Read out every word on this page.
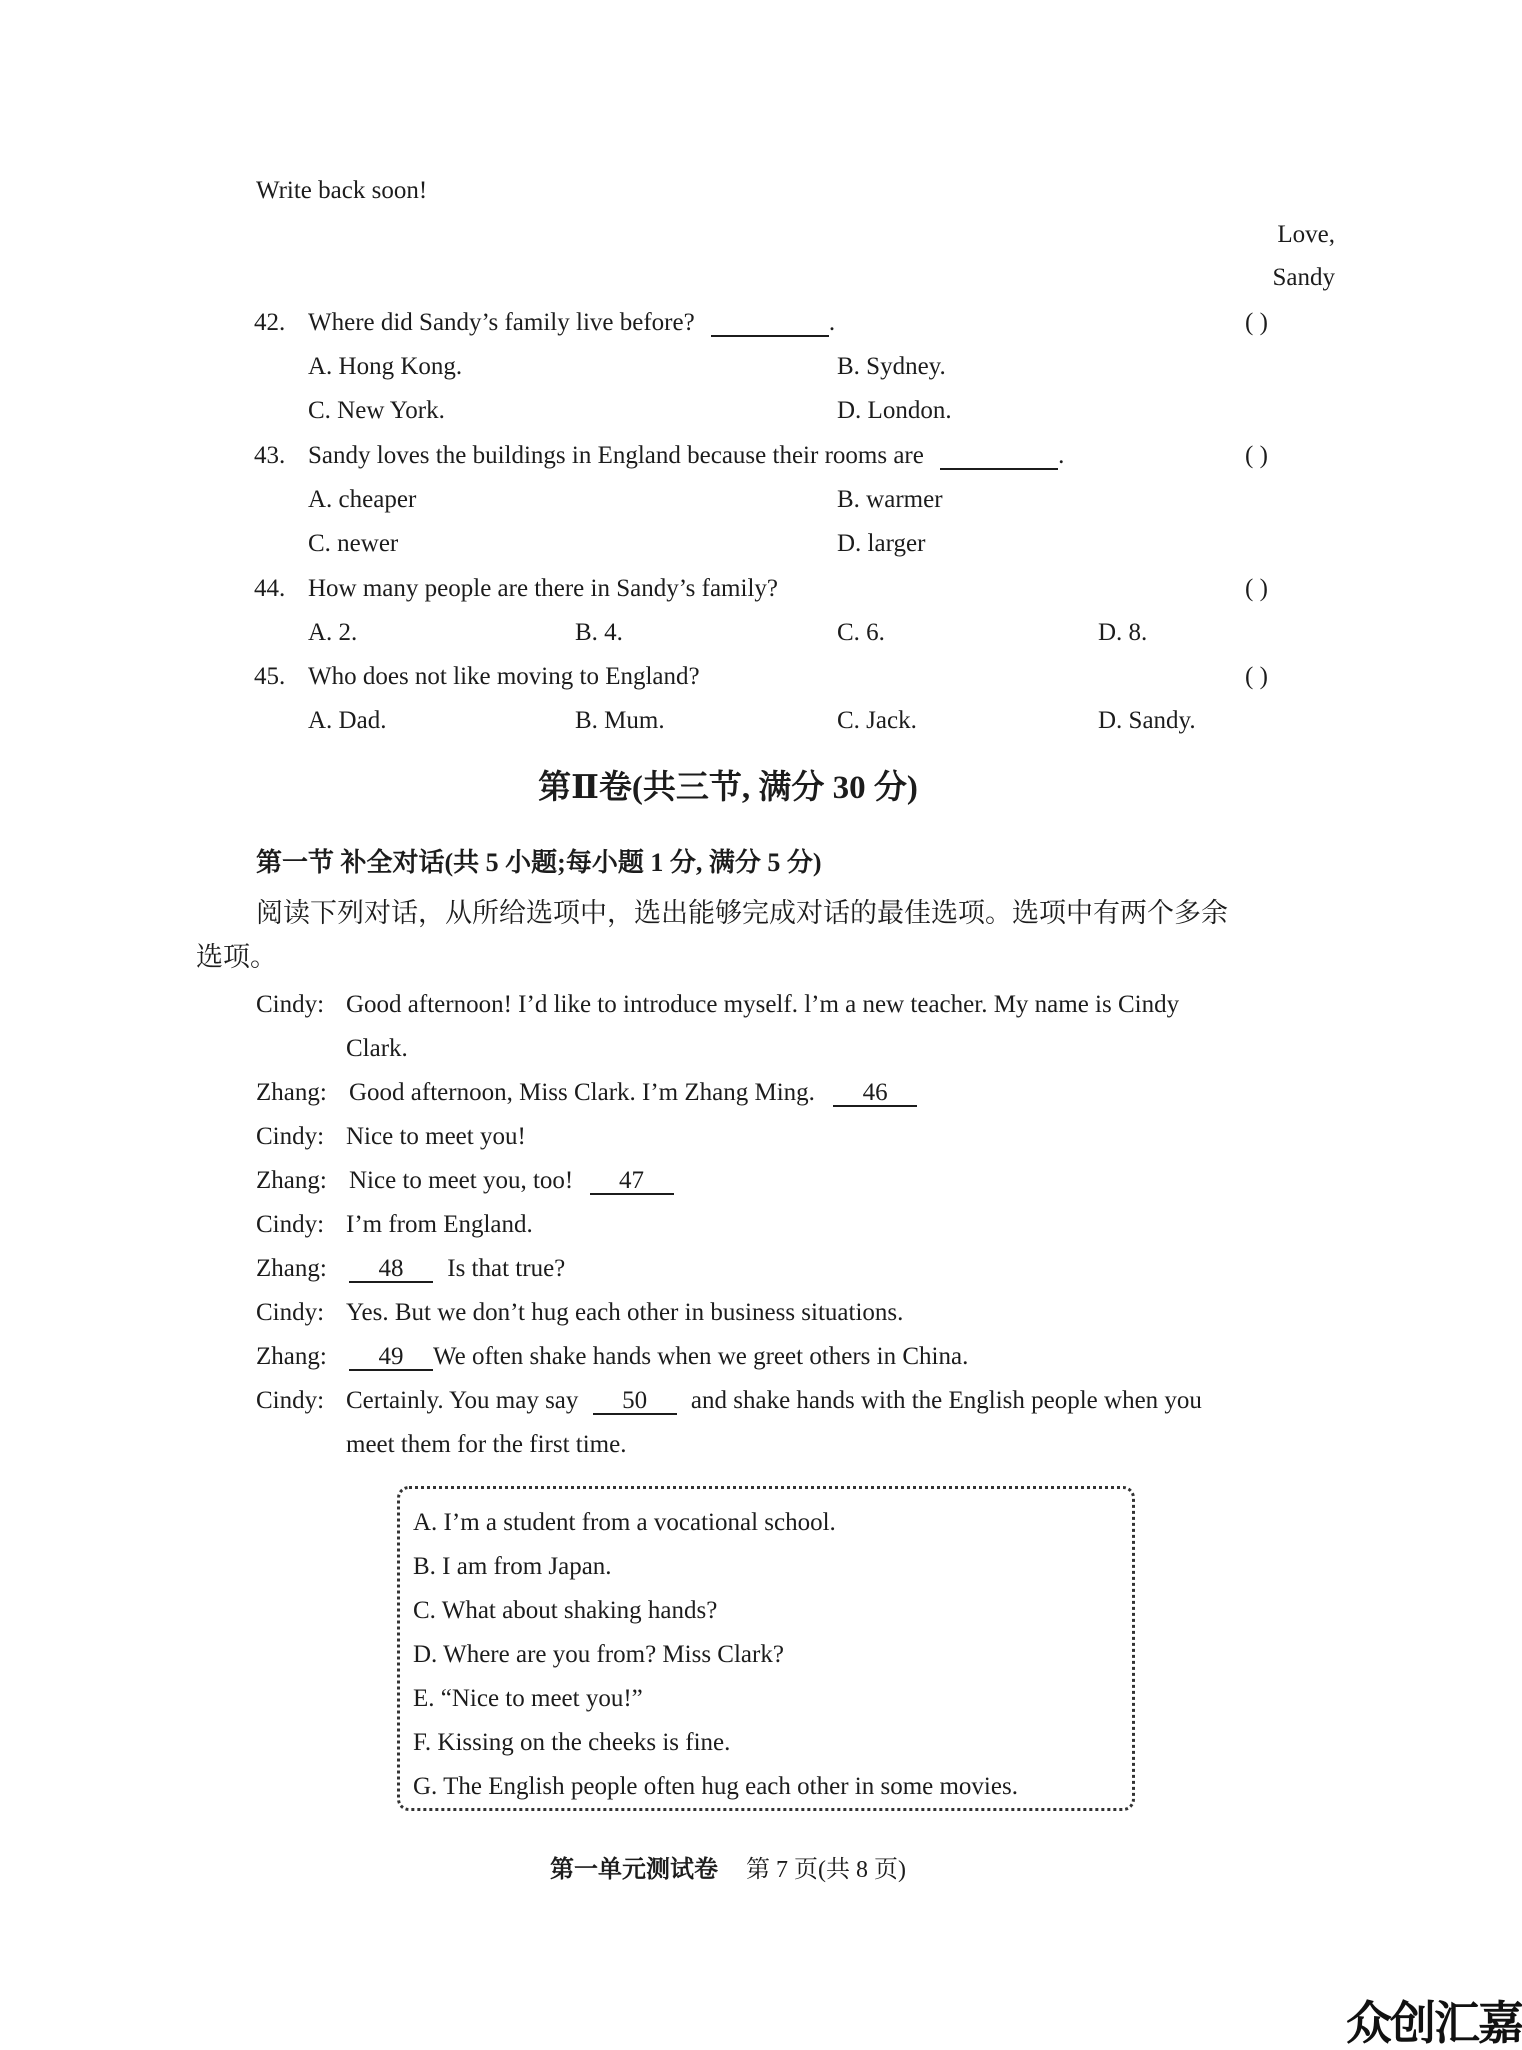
Write back soon!
Love,
Sandy
42. Where did Sandy’s family live before?	.	( )
A. Hong Kong.	B. Sydney.
C. New York.	D. London.
43. Sandy loves the buildings in England because their rooms are	.	( )
A. cheaper	B. warmer
C. newer	D. larger
44. How many people are there in Sandy’s family?	( )
A. 2.	B. 4.	C. 6.	D. 8.
45. Who does not like moving to England?	( )
A. Dad.	B. Mum.	C. Jack.	D. Sandy.
第Ⅱ卷(共三节, 满分 30 分)
第一节 补全对话(共 5 小题;每小题 1 分, 满分 5 分)
阅读下列对话，从所给选项中，选出能够完成对话的最佳选项。选项中有两个多余
选项。
Cindy: Good afternoon! I’d like to introduce myself. l’m a new teacher. My name is Cindy
Clark.
Zhang: Good afternoon, Miss Clark. I’m Zhang Ming. 46
Cindy: Nice to meet you!
Zhang: Nice to meet you, too! 47
Cindy: I’m from England.
Zhang:	48 Is that true?
Cindy: Yes. But we don’t hug each other in business situations.
Zhang:	49 We often shake hands when we greet others in China.
Cindy: Certainly. You may say 50 and shake hands with the English people when you
meet them for the first time.
A. I’m a student from a vocational school.
B. I am from Japan.
C. What about shaking hands?
D. Where are you from? Miss Clark?
E. “Nice to meet you!”
F. Kissing on the cheeks is fine.
G. The English people often hug each other in some movies.
第一单元测试卷 第 7 页(共 8 页)
众创汇嘉
